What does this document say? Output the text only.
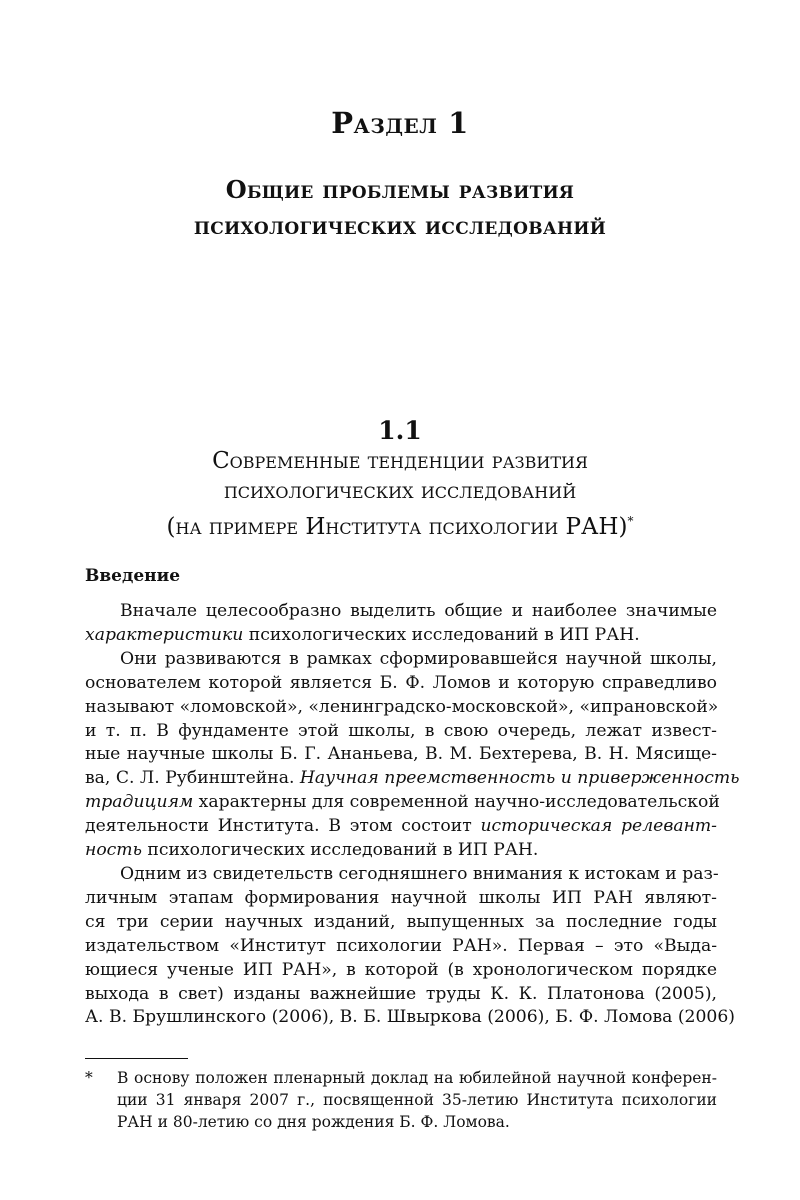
Раздел 1
Общие проблемы развития
психологических исследований
1.1
Современные тенденции развития
психологических исследований
(на примере Института психологии РАН)*
Введение
Вначале целесообразно выделить общие и наиболее значимые
характеристики психологических исследований в ИП РАН.
Они развиваются в рамках сформировавшейся научной школы,
основателем которой является Б. Ф. Ломов и которую справедливо
называют «ломовской», «ленинградско-московской», «ипрановской»
и т. п. В фундаменте этой школы, в свою очередь, лежат извест-
ные научные школы Б. Г. Ананьева, В. М. Бехтерева, В. Н. Мясище-
ва, С. Л. Рубинштейна. Научная преемственность и приверженность
традициям характерны для современной научно-исследовательской
деятельности Института. В этом состоит историческая релевант-
ность психологических исследований в ИП РАН.
Одним из свидетельств сегодняшнего внимания к истокам и раз-
личным этапам формирования научной школы ИП РАН являют-
ся три серии научных изданий, выпущенных за последние годы
издательством «Институт психологии РАН». Первая – это «Выда-
ющиеся ученые ИП РАН», в которой (в хронологическом порядке
выхода в свет) изданы важнейшие труды К. К. Платонова (2005),
А. В. Брушлинского (2006), В. Б. Швыркова (2006), Б. Ф. Ломова (2006)
* В основу положен пленарный доклад на юбилейной научной конферен-
ции 31 января 2007 г., посвященной 35-летию Института психологии
РАН и 80-летию со дня рождения Б. Ф. Ломова.
